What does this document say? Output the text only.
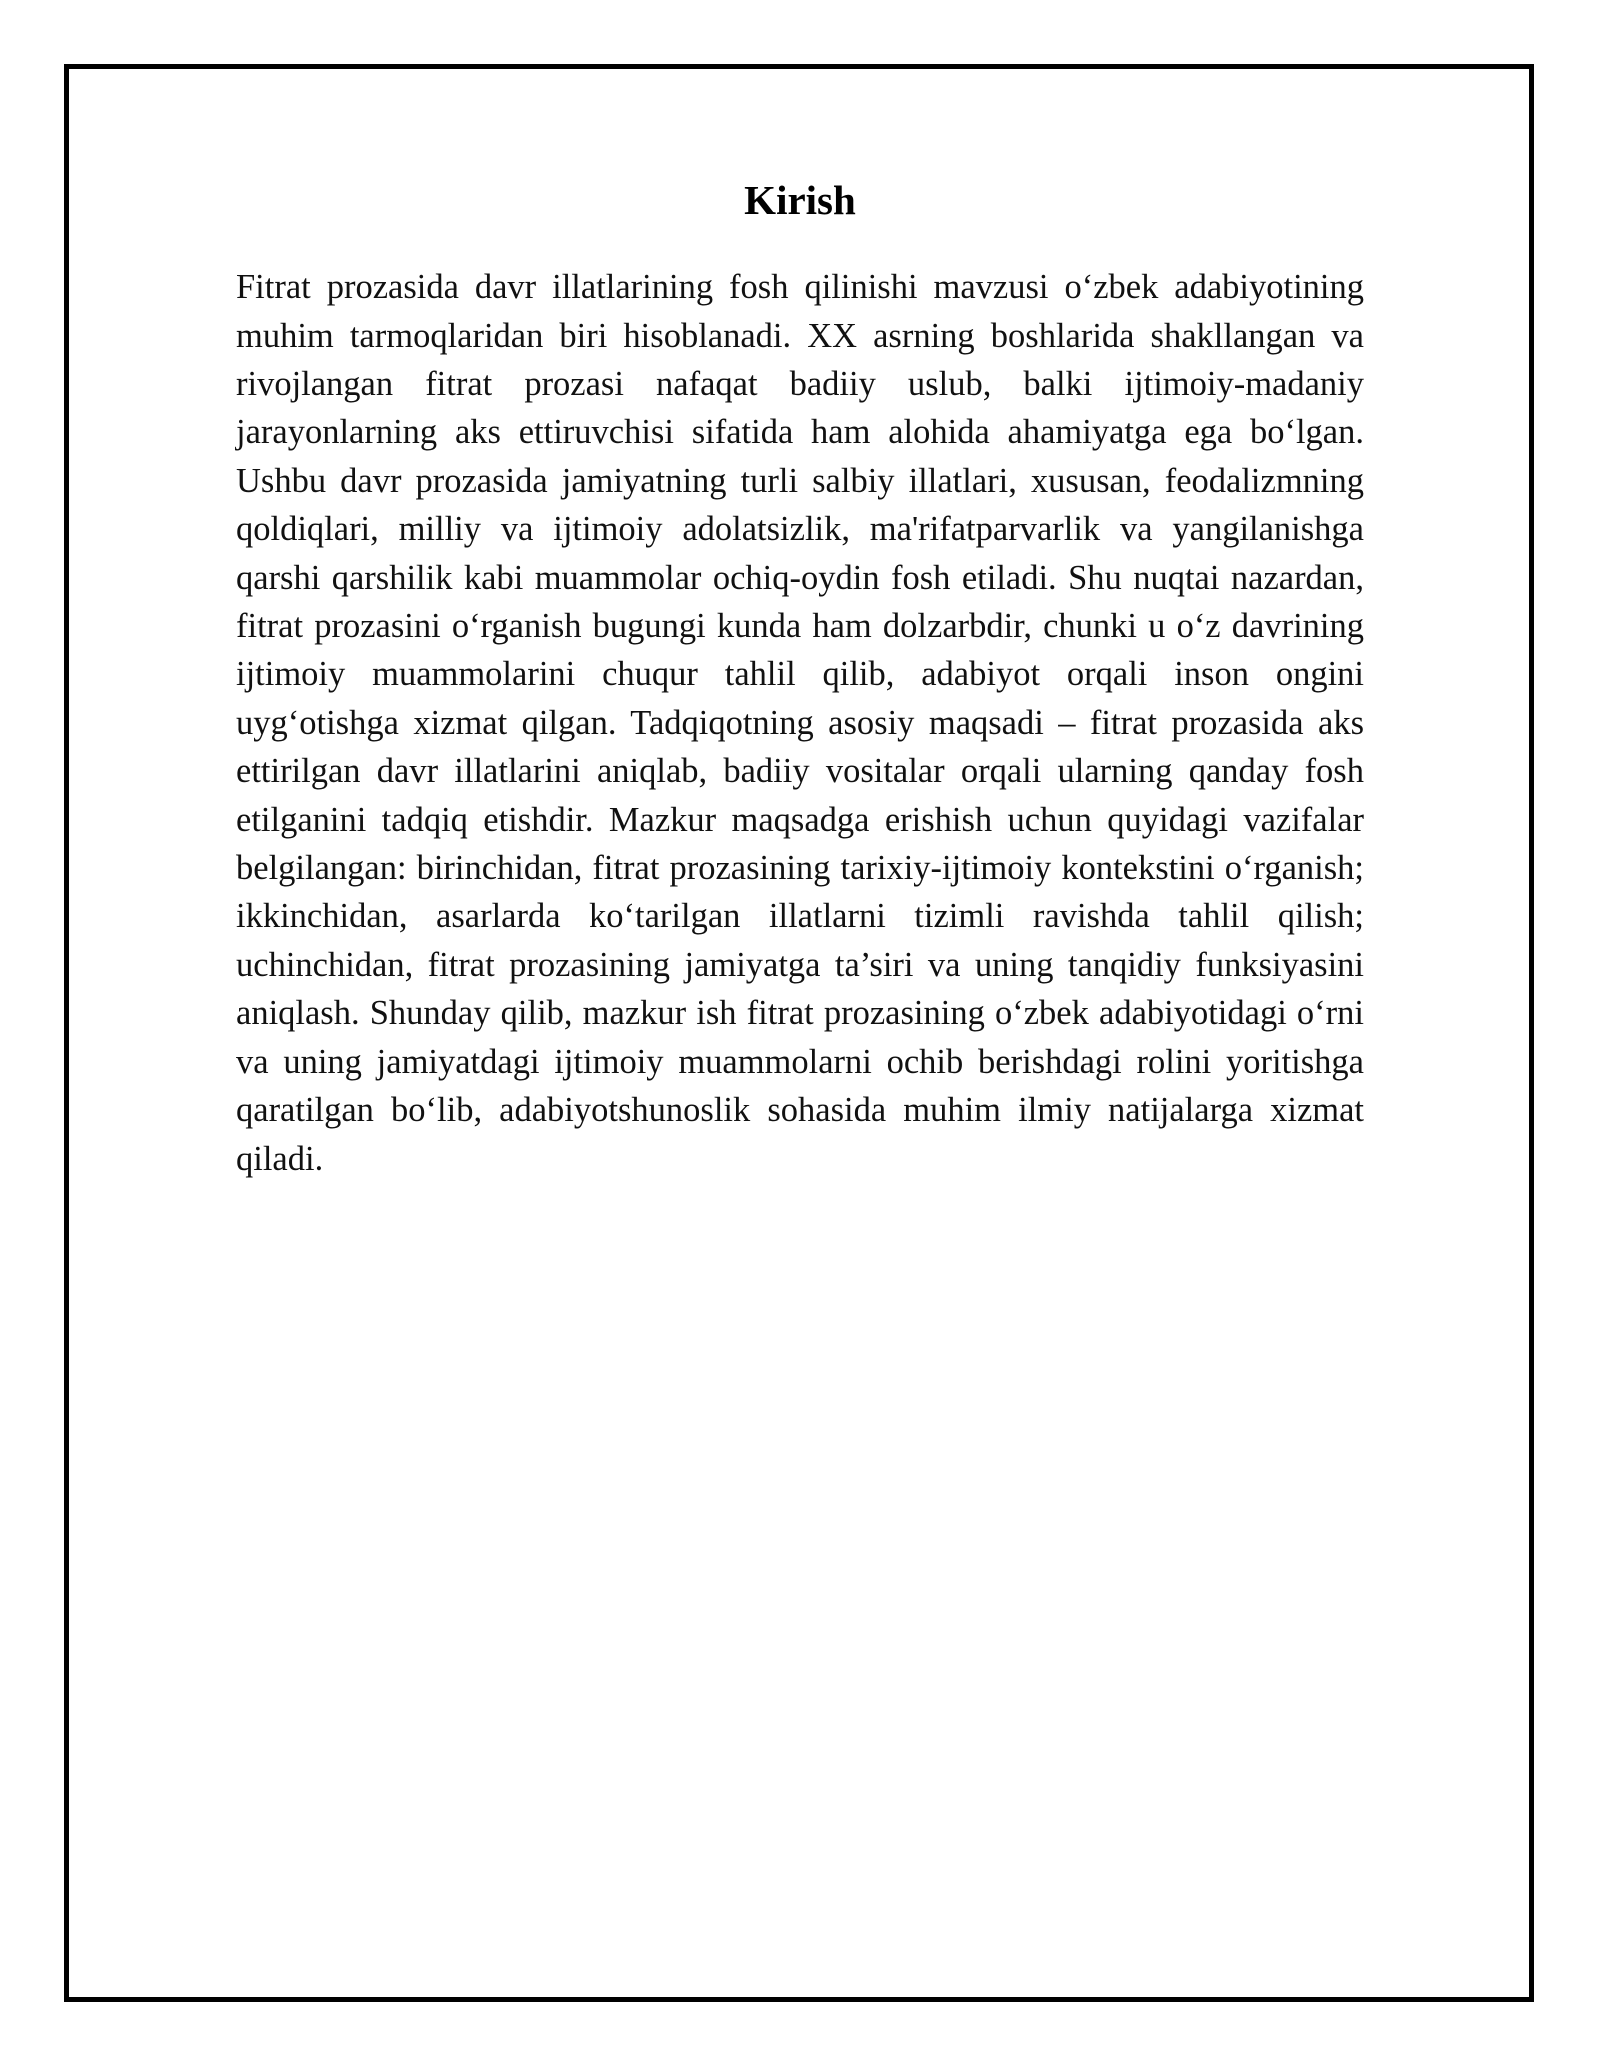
Kirish

Fitrat prozasida davr illatlarining fosh qilinishi mavzusi o‘zbek adabiyotining muhim tarmoqlaridan biri hisoblanadi. XX asrning boshlarida shakllangan va rivojlangan fitrat prozasi nafaqat badiiy uslub, balki ijtimoiy-madaniy jarayonlarning aks ettiruvchisi sifatida ham alohida ahamiyatga ega bo‘lgan. Ushbu davr prozasida jamiyatning turli salbiy illatlari, xususan, feodalizmning qoldiqlari, milliy va ijtimoiy adolatsizlik, ma'rifatparvarlik va yangilanishga qarshi qarshilik kabi muammolar ochiq-oydin fosh etiladi. Shu nuqtai nazardan, fitrat prozasini o‘rganish bugungi kunda ham dolzarbdir, chunki u o‘z davrining ijtimoiy muammolarini chuqur tahlil qilib, adabiyot orqali inson ongini uyg‘otishga xizmat qilgan. Tadqiqotning asosiy maqsadi – fitrat prozasida aks ettirilgan davr illatlarini aniqlab, badiiy vositalar orqali ularning qanday fosh etilganini tadqiq etishdir. Mazkur maqsadga erishish uchun quyidagi vazifalar belgilangan: birinchidan, fitrat prozasining tarixiy-ijtimoiy kontekstini o‘rganish; ikkinchidan, asarlarda ko‘tarilgan illatlarni tizimli ravishda tahlil qilish; uchinchidan, fitrat prozasining jamiyatga ta’siri va uning tanqidiy funksiyasini aniqlash. Shunday qilib, mazkur ish fitrat prozasining o‘zbek adabiyotidagi o‘rni va uning jamiyatdagi ijtimoiy muammolarni ochib berishdagi rolini yoritishga qaratilgan bo‘lib, adabiyotshunoslik sohasida muhim ilmiy natijalarga xizmat qiladi.
